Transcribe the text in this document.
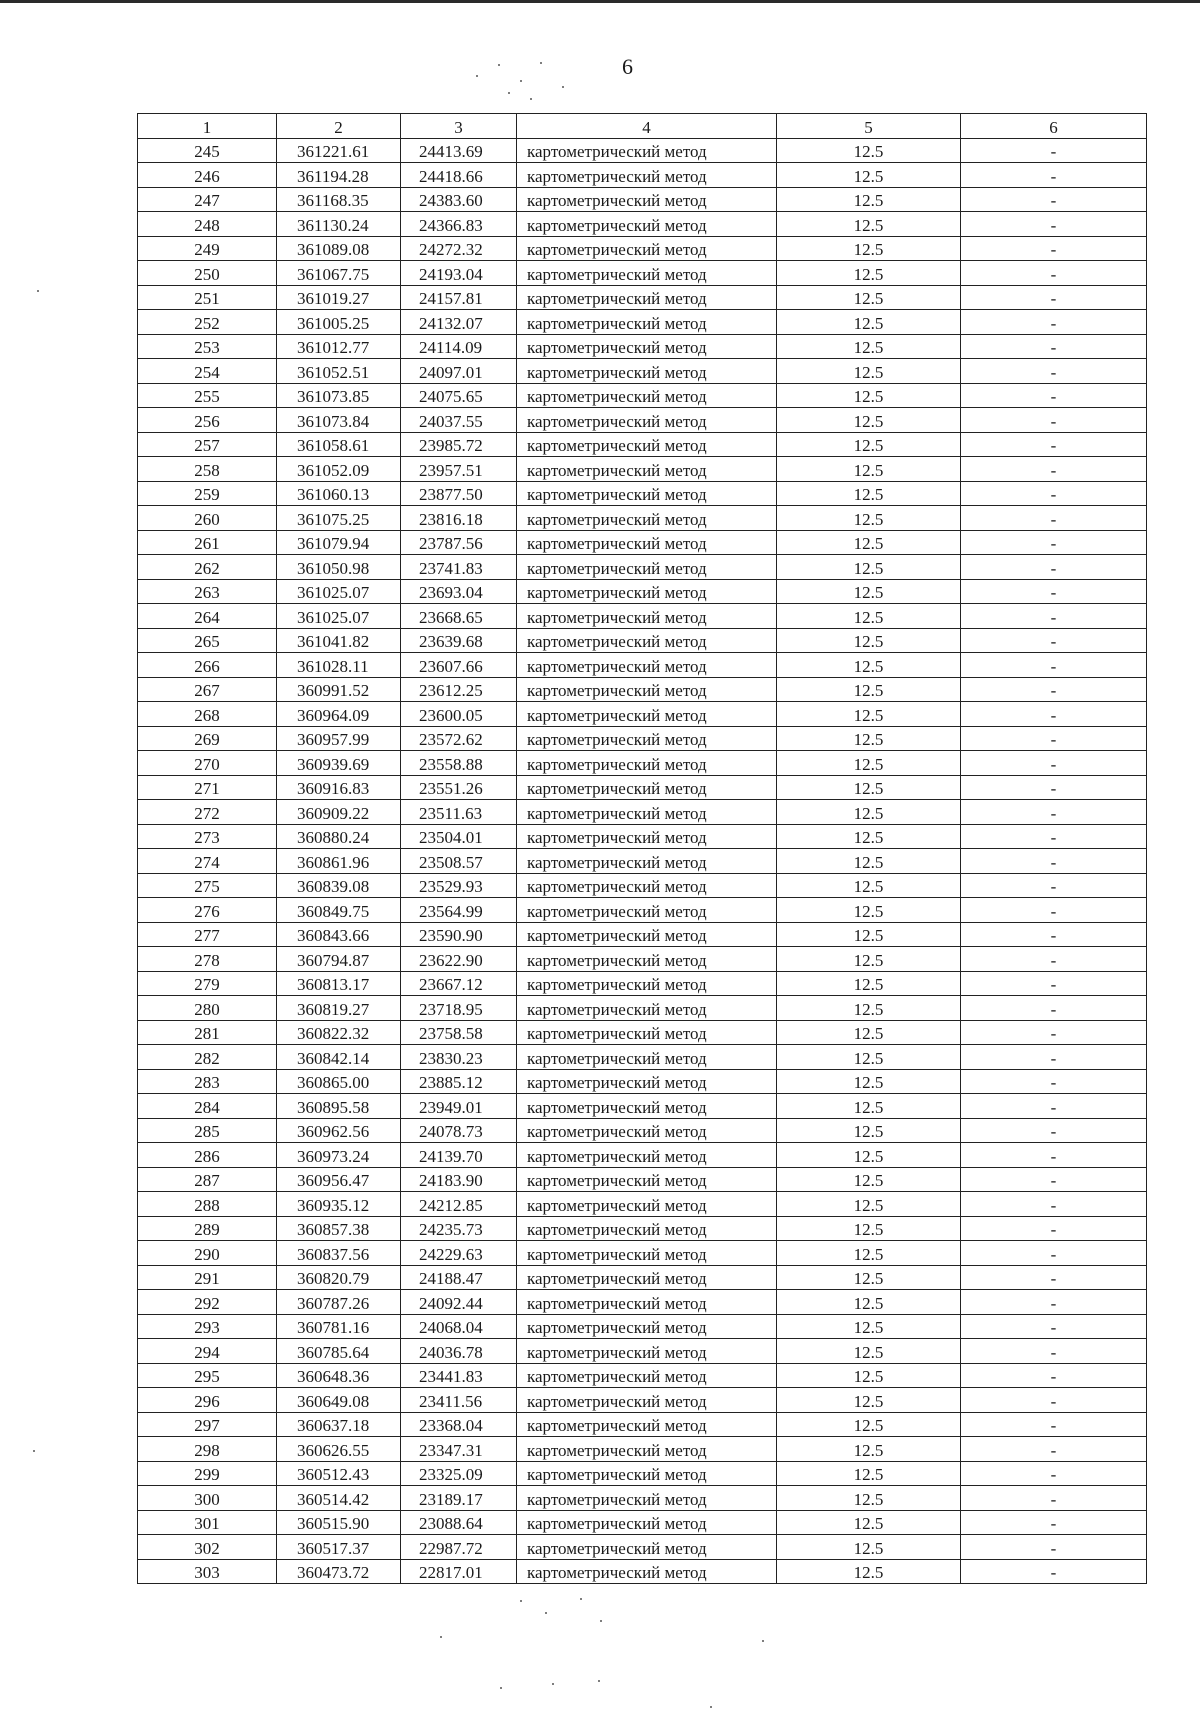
6
1	2	3	4	5	6
245	361221.61	24413.69	картометрический метод	12.5	-
246	361194.28	24418.66	картометрический метод	12.5	-
247	361168.35	24383.60	картометрический метод	12.5	-
248	361130.24	24366.83	картометрический метод	12.5	-
249	361089.08	24272.32	картометрический метод	12.5	-
250	361067.75	24193.04	картометрический метод	12.5	-
251	361019.27	24157.81	картометрический метод	12.5	-
252	361005.25	24132.07	картометрический метод	12.5	-
253	361012.77	24114.09	картометрический метод	12.5	-
254	361052.51	24097.01	картометрический метод	12.5	-
255	361073.85	24075.65	картометрический метод	12.5	-
256	361073.84	24037.55	картометрический метод	12.5	-
257	361058.61	23985.72	картометрический метод	12.5	-
258	361052.09	23957.51	картометрический метод	12.5	-
259	361060.13	23877.50	картометрический метод	12.5	-
260	361075.25	23816.18	картометрический метод	12.5	-
261	361079.94	23787.56	картометрический метод	12.5	-
262	361050.98	23741.83	картометрический метод	12.5	-
263	361025.07	23693.04	картометрический метод	12.5	-
264	361025.07	23668.65	картометрический метод	12.5	-
265	361041.82	23639.68	картометрический метод	12.5	-
266	361028.11	23607.66	картометрический метод	12.5	-
267	360991.52	23612.25	картометрический метод	12.5	-
268	360964.09	23600.05	картометрический метод	12.5	-
269	360957.99	23572.62	картометрический метод	12.5	-
270	360939.69	23558.88	картометрический метод	12.5	-
271	360916.83	23551.26	картометрический метод	12.5	-
272	360909.22	23511.63	картометрический метод	12.5	-
273	360880.24	23504.01	картометрический метод	12.5	-
274	360861.96	23508.57	картометрический метод	12.5	-
275	360839.08	23529.93	картометрический метод	12.5	-
276	360849.75	23564.99	картометрический метод	12.5	-
277	360843.66	23590.90	картометрический метод	12.5	-
278	360794.87	23622.90	картометрический метод	12.5	-
279	360813.17	23667.12	картометрический метод	12.5	-
280	360819.27	23718.95	картометрический метод	12.5	-
281	360822.32	23758.58	картометрический метод	12.5	-
282	360842.14	23830.23	картометрический метод	12.5	-
283	360865.00	23885.12	картометрический метод	12.5	-
284	360895.58	23949.01	картометрический метод	12.5	-
285	360962.56	24078.73	картометрический метод	12.5	-
286	360973.24	24139.70	картометрический метод	12.5	-
287	360956.47	24183.90	картометрический метод	12.5	-
288	360935.12	24212.85	картометрический метод	12.5	-
289	360857.38	24235.73	картометрический метод	12.5	-
290	360837.56	24229.63	картометрический метод	12.5	-
291	360820.79	24188.47	картометрический метод	12.5	-
292	360787.26	24092.44	картометрический метод	12.5	-
293	360781.16	24068.04	картометрический метод	12.5	-
294	360785.64	24036.78	картометрический метод	12.5	-
295	360648.36	23441.83	картометрический метод	12.5	-
296	360649.08	23411.56	картометрический метод	12.5	-
297	360637.18	23368.04	картометрический метод	12.5	-
298	360626.55	23347.31	картометрический метод	12.5	-
299	360512.43	23325.09	картометрический метод	12.5	-
300	360514.42	23189.17	картометрический метод	12.5	-
301	360515.90	23088.64	картометрический метод	12.5	-
302	360517.37	22987.72	картометрический метод	12.5	-
303	360473.72	22817.01	картометрический метод	12.5	-
